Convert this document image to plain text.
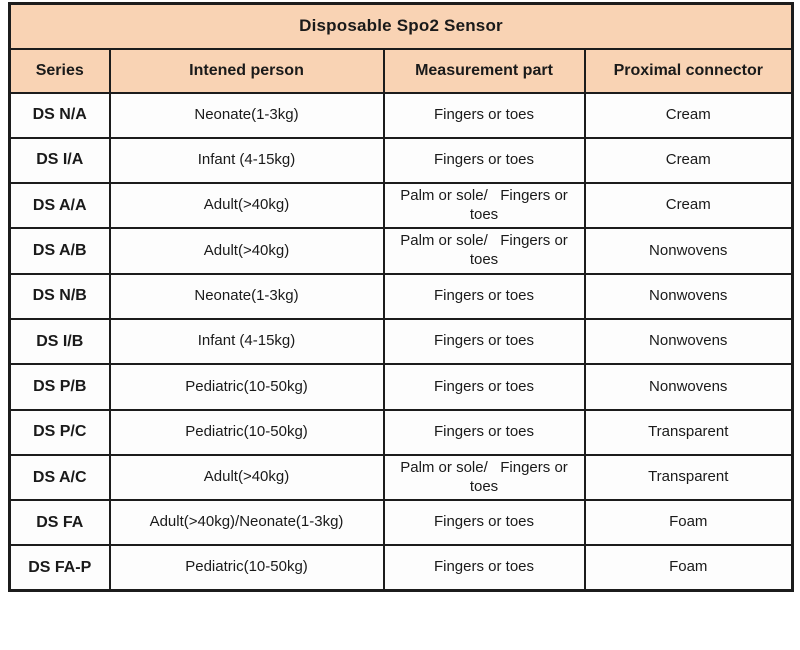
Disposable Spo2 Sensor			
Series	Intened person	Measurement part	Proximal connector
DS N/A	Neonate(1-3kg)	Fingers or toes	Cream
DS I/A	Infant (4-15kg)	Fingers or toes	Cream
DS A/A	Adult(>40kg)	Palm or sole/   Fingers or toes	Cream
DS A/B	Adult(>40kg)	Palm or sole/   Fingers or toes	Nonwovens
DS N/B	Neonate(1-3kg)	Fingers or toes	Nonwovens
DS I/B	Infant (4-15kg)	Fingers or toes	Nonwovens
DS P/B	Pediatric(10-50kg)	Fingers or toes	Nonwovens
DS P/C	Pediatric(10-50kg)	Fingers or toes	Transparent
DS A/C	Adult(>40kg)	Palm or sole/   Fingers or toes	Transparent
DS FA	Adult(>40kg)/Neonate(1-3kg)	Fingers or toes	Foam
DS FA-P	Pediatric(10-50kg)	Fingers or toes	Foam
